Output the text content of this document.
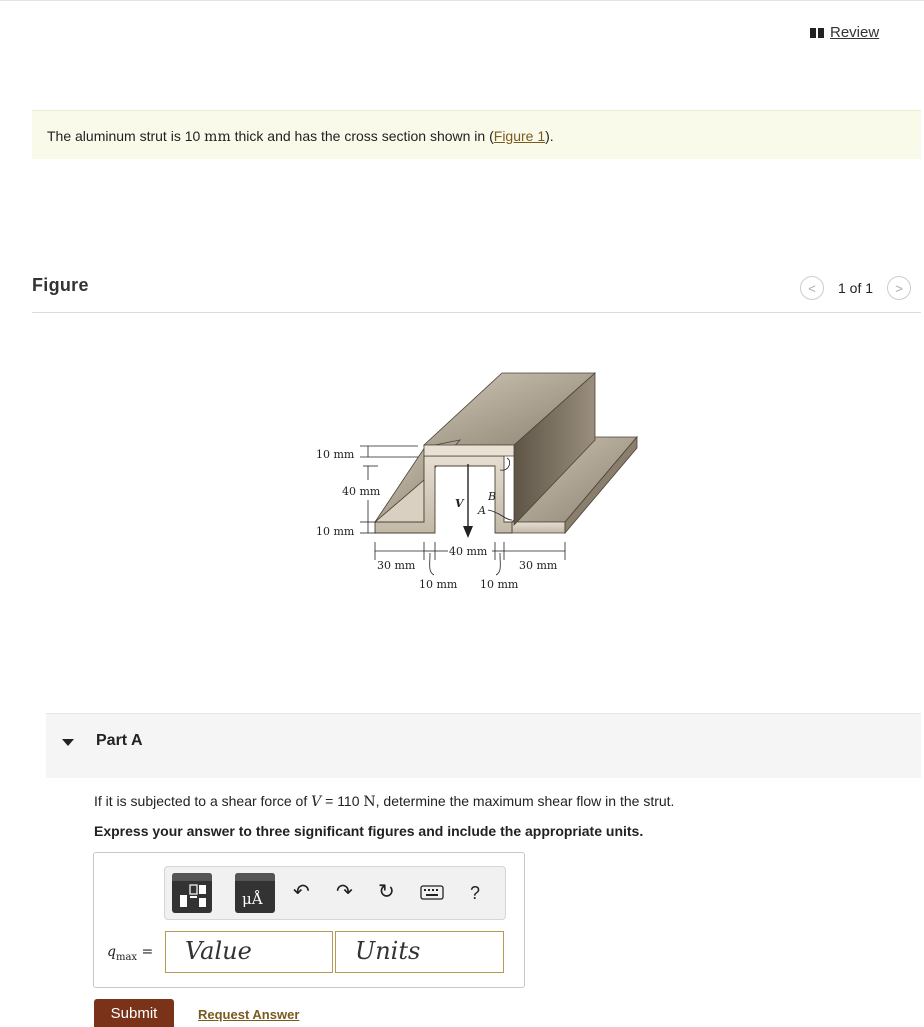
Review
The aluminum strut is 10 mm thick and has the cross section shown in (Figure 1).
Figure	< 1 of 1 >
10 mm
40 mm
10 mm
30 mm
40 mm
30 mm
10 mm 10 mm
B
A
V
Part A
If it is subjected to a shear force of V = 110 N, determine the maximum shear flow in the strut.
Express your answer to three significant figures and include the appropriate units.
μÅ ↶ ↷ ↻	?
$q_{max}$ =	Value	Units
Submit	Request Answer
